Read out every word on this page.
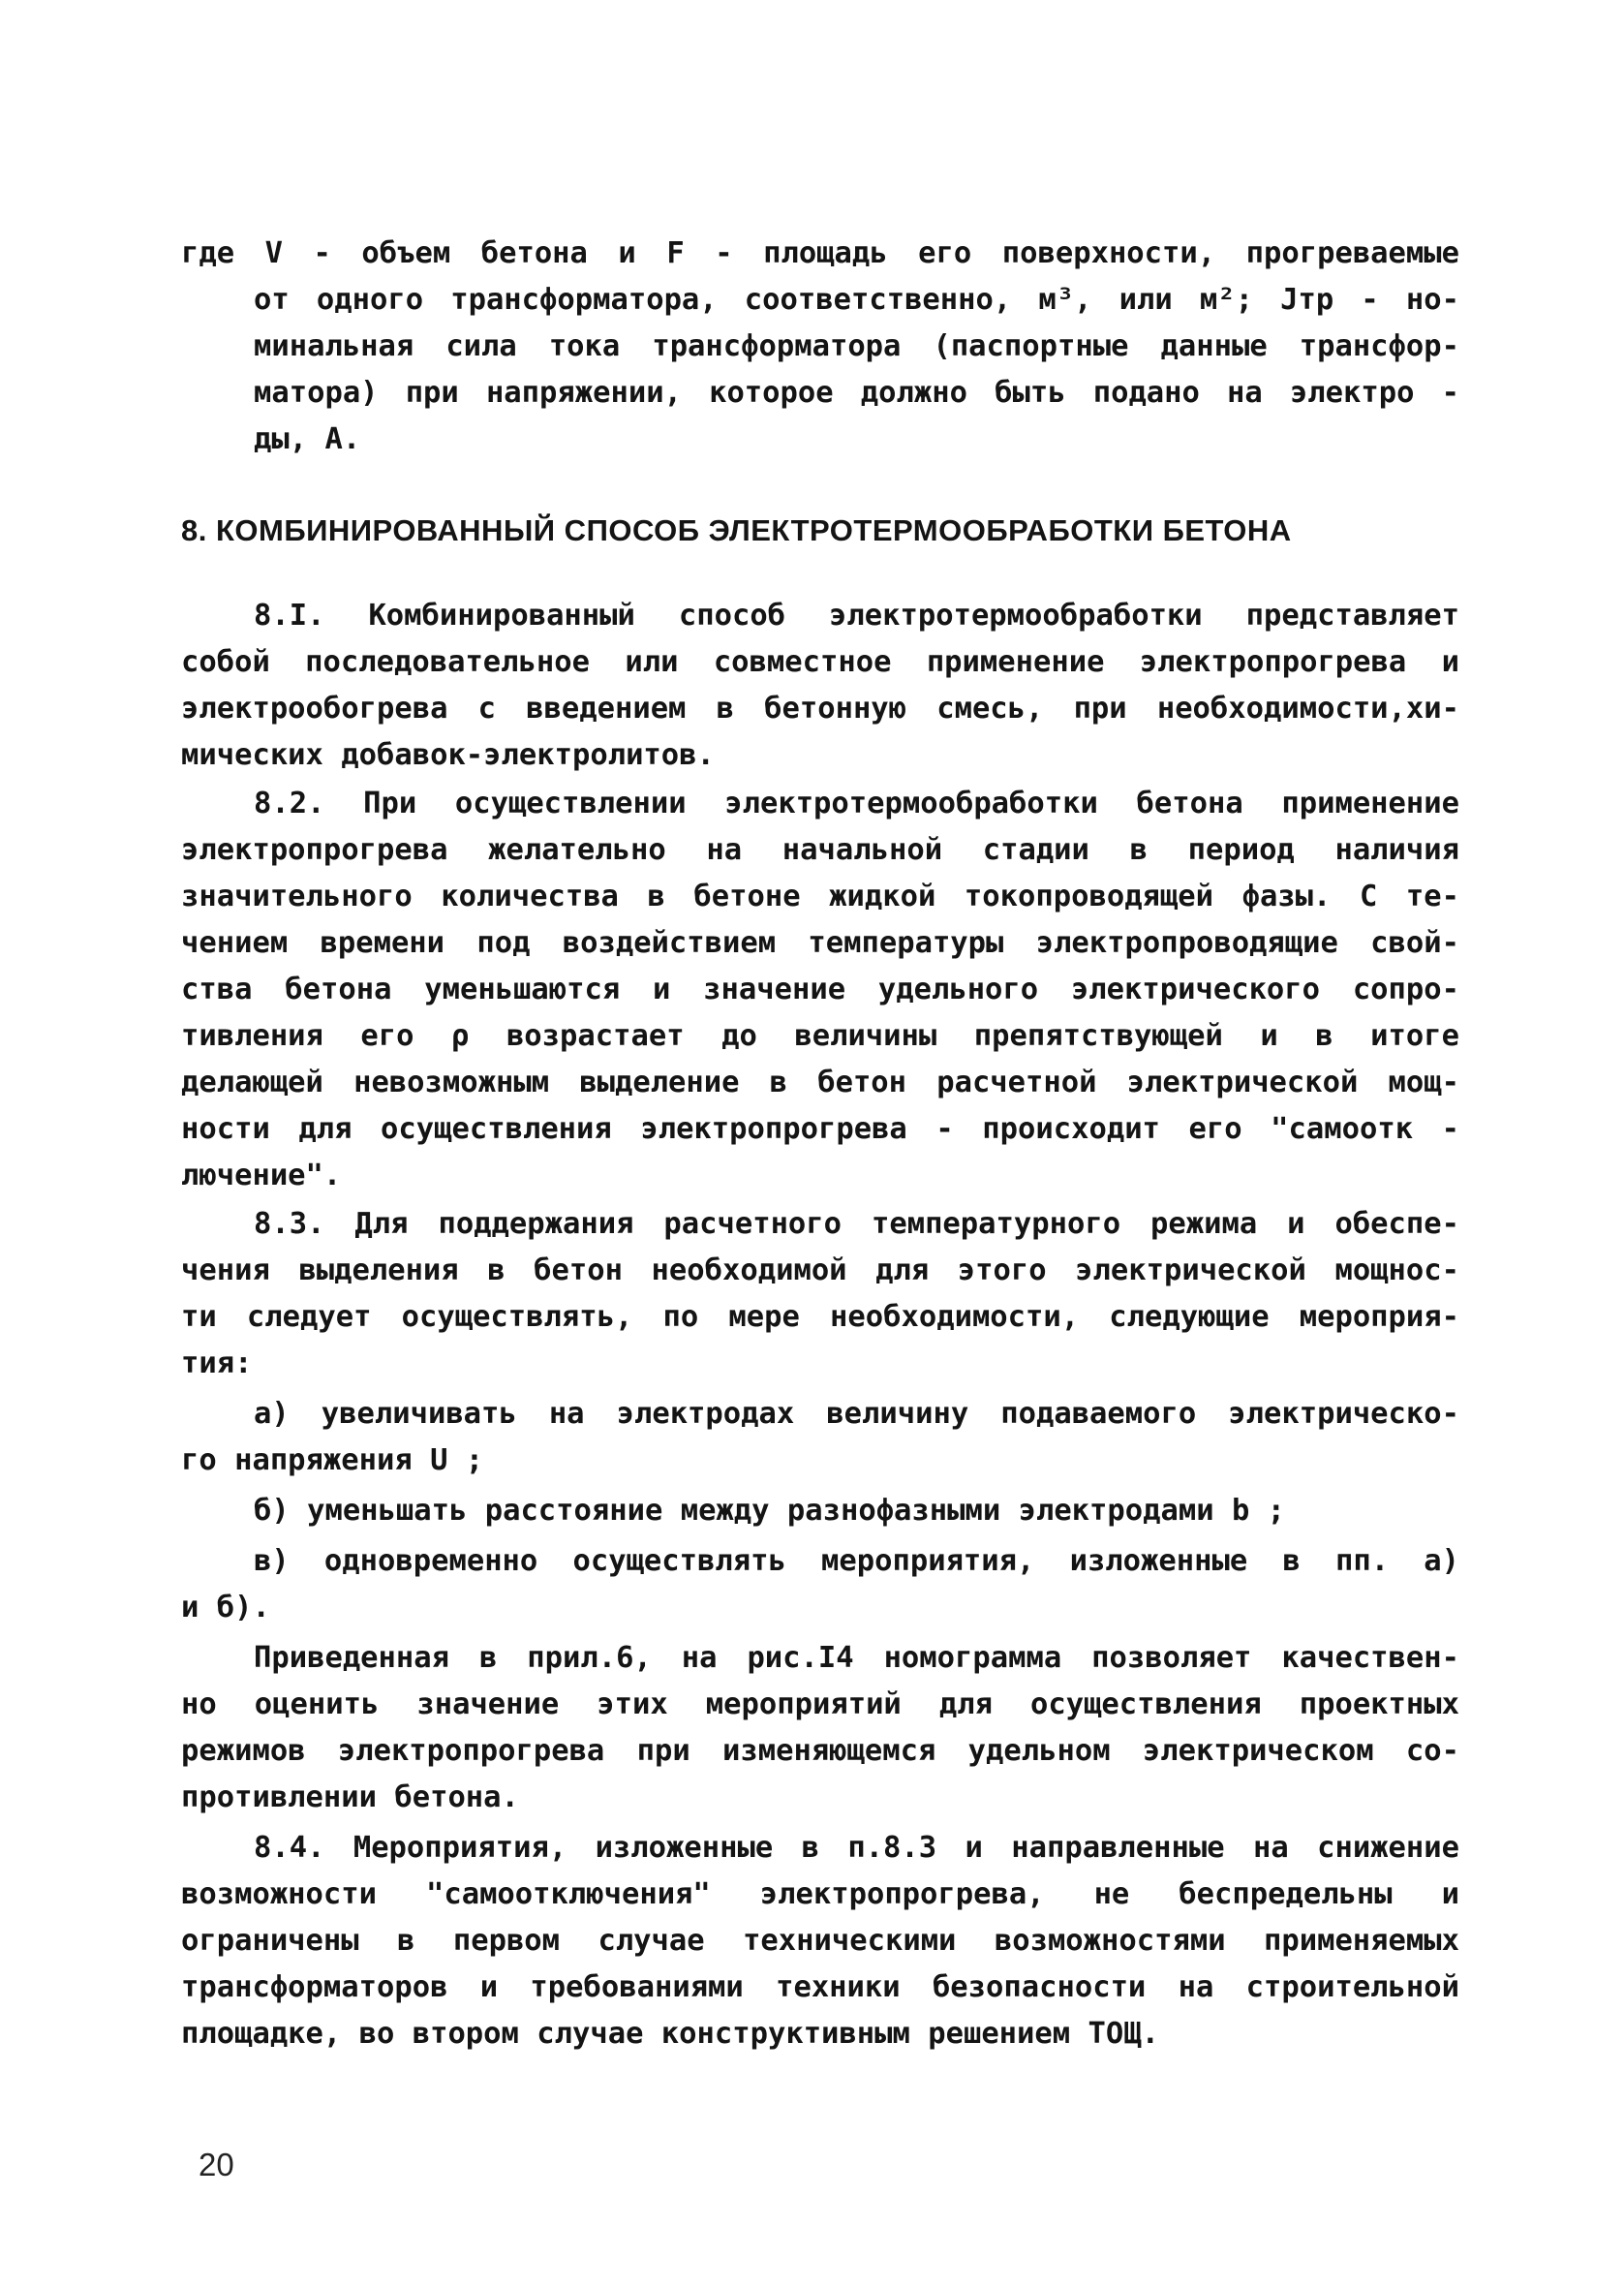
где V - объем бетона и F - площадь его поверхности, прогреваемые
от одного трансформатора, соответственно, м³, или м²; Jтр - но-
минальная сила тока трансформатора (паспортные данные трансфор-
матора) при напряжении, которое должно быть подано на электро -
ды, А.
8. КОМБИНИРОВАННЫЙ СПОСОБ ЭЛЕКТРОТЕРМООБРАБОТКИ БЕТОНА
8.I. Комбинированный способ электротермообработки представляет
собой последовательное или совместное применение электропрогрева и
электрообогрева с введением в бетонную смесь, при необходимости,хи-
мических добавок-электролитов.
8.2. При осуществлении электротермообработки бетона применение
электропрогрева желательно на начальной стадии в период наличия
значительного количества в бетоне жидкой токопроводящей фазы. С те-
чением времени под воздействием температуры электропроводящие свой-
ства бетона уменьшаются и значение удельного электрического сопро-
тивления его ρ возрастает до величины препятствующей и в итоге
делающей невозможным выделение в бетон расчетной электрической мощ-
ности для осуществления электропрогрева - происходит его "самоотк -
лючение".
8.3. Для поддержания расчетного температурного режима и обеспе-
чения выделения в бетон необходимой для этого электрической мощнос-
ти следует осуществлять, по мере необходимости, следующие мероприя-
тия:
а) увеличивать на электродах величину подаваемого электрическо-
го напряжения U ;
б) уменьшать расстояние между разнофазными электродами b ;
в) одновременно осуществлять мероприятия, изложенные в пп. а)
и б).
Приведенная в прил.6, на рис.I4 номограмма позволяет качествен-
но оценить значение этих мероприятий для осуществления проектных
режимов электропрогрева при изменяющемся удельном электрическом со-
противлении бетона.
8.4. Мероприятия, изложенные в п.8.3 и направленные на снижение
возможности "самоотключения" электропрогрева, не беспредельны и
ограничены в первом случае техническими возможностями применяемых
трансформаторов и требованиями техники безопасности на строительной
площадке, во втором случае конструктивным решением ТОЩ.
20
